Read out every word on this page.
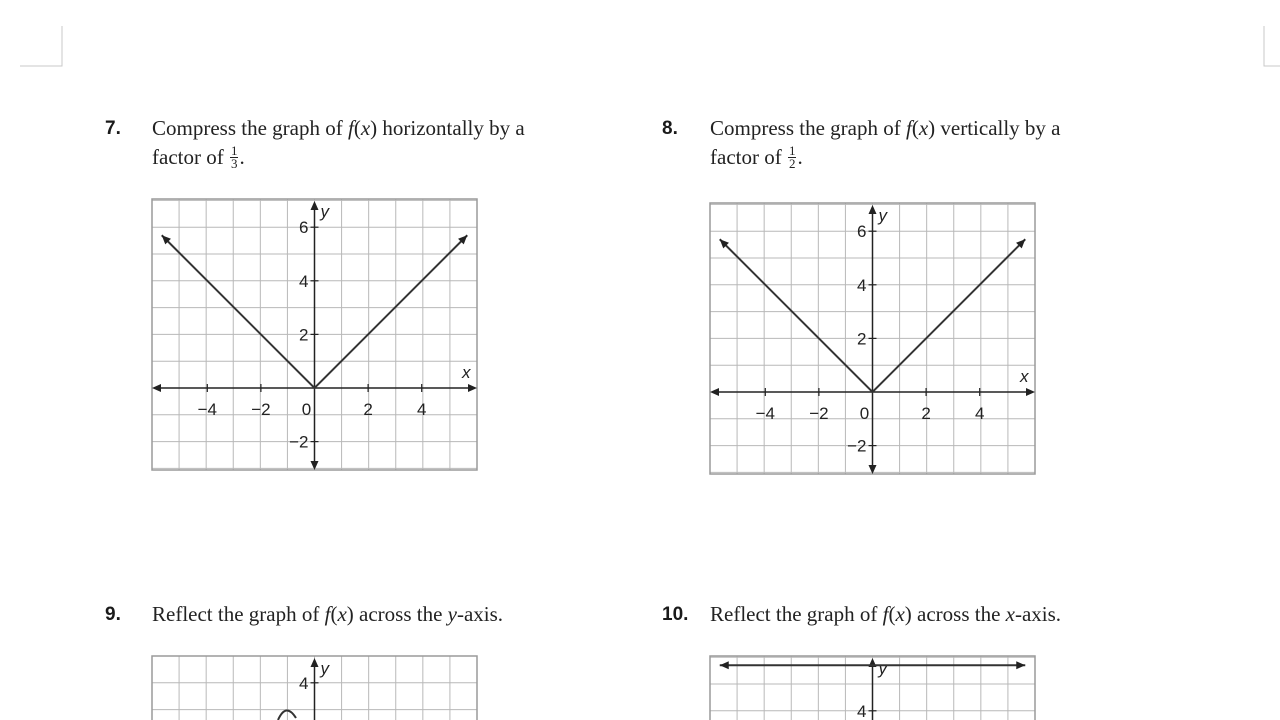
7. Compress the graph of f(x) horizontally by a
factor of $\frac{1}{3}$ .
8. Compress the graph of f(x) vertically by a
factor of $\frac{1}{2}$ .
9. Reflect the graph of f(x) across the y-axis.	10. Reflect the graph of f(x) across the x-axis.
y
x
−4 −2 0	2	4
6
4
2
−2
y
x
−4 −2 0	2	4
6
4
2
−2
y
4
y
4
